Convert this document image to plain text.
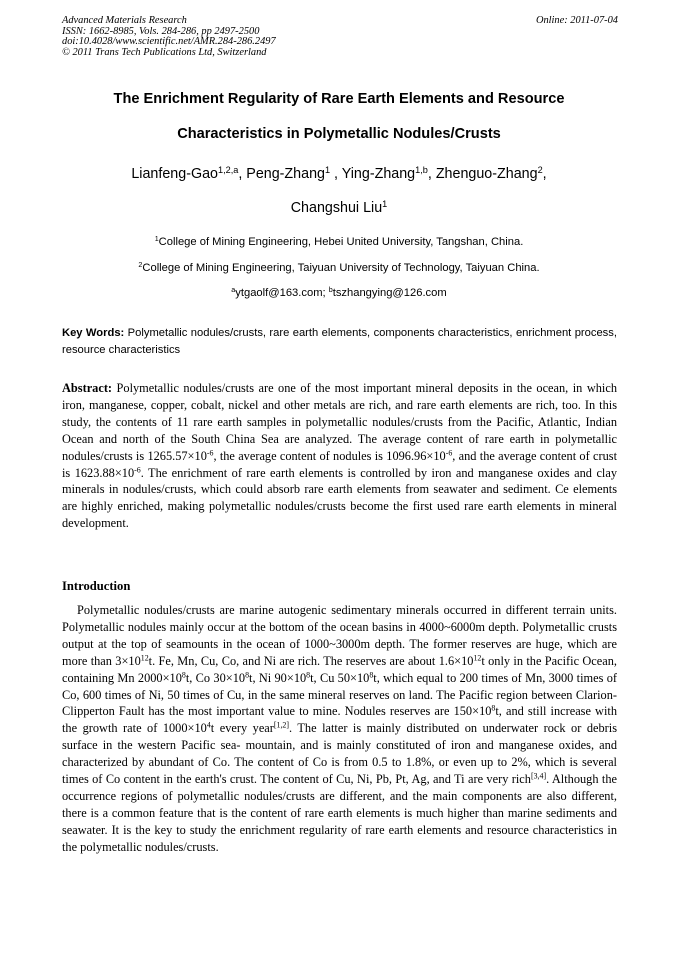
Advanced Materials Research	Online: 2011-07-04
ISSN: 1662-8985, Vols. 284-286, pp 2497-2500
doi:10.4028/www.scientific.net/AMR.284-286.2497
© 2011 Trans Tech Publications Ltd, Switzerland
The Enrichment Regularity of Rare Earth Elements and Resource
Characteristics in Polymetallic Nodules/Crusts
Lianfeng-Gao$^{1,2,a}$, Peng-Zhang$^1$ , Ying-Zhang$^{1,b}$, Zhenguo-Zhang$^2$,
Changshui Liu$^1$
$^1$College of Mining Engineering, Hebei United University, Tangshan, China.
$^2$College of Mining Engineering, Taiyuan University of Technology, Taiyuan China.
$^a$ytgaolf@163.com; $^b$tszhangying@126.com
Key Words: Polymetallic nodules/crusts, rare earth elements, components characteristics, enrichment process, resource characteristics
Abstract: Polymetallic nodules/crusts are one of the most important mineral deposits in the ocean, in which iron, manganese, copper, cobalt, nickel and other metals are rich, and rare earth elements are rich, too. In this study, the contents of 11 rare earth samples in polymetallic nodules/crusts from the Pacific, Atlantic, Indian Ocean and north of the South China Sea are analyzed. The average content of rare earth in polymetallic nodules/crusts is $1265.57\times 10^{-6}$, the average content of nodules is $1096.96\times 10^{-6}$, and the average content of crust is $1623.88\times 10^{-6}$. The enrichment of rare earth elements is controlled by iron and manganese oxides and clay minerals in nodules/crusts, which could absorb rare earth elements from seawater and sediment. Ce elements are highly enriched, making polymetallic nodules/crusts become the first used rare earth elements in mineral development.
Introduction
Polymetallic nodules/crusts are marine autogenic sedimentary minerals occurred in different terrain units. Polymetallic nodules mainly occur at the bottom of the ocean basins in 4000~6000m depth. Polymetallic crusts output at the top of seamounts in the ocean of 1000~3000m depth. The former reserves are huge, which are more than $3\times 10^{12}t$. Fe, Mn, Cu, Co, and Ni are rich. The reserves are about $1.6\times 10^{12}t$ only in the Pacific Ocean, containing Mn $2000\times 10^8t$, Co $30\times 10^8t$, Ni $90\times 10^8t$, Cu $50\times 10^8t$, which equal to 200 times of Mn, 3000 times of Co, 600 times of Ni, 50 times of Cu, in the same mineral reserves on land. The Pacific region between Clarion-Clipperton Fault has the most important value to mine. Nodules reserves are $150\times 10^8t$, and still increase with the growth rate of $1000\times 10^4t$ every year[1,2]. The latter is mainly distributed on underwater rock or debris surface in the western Pacific sea- mountain, and is mainly constituted of iron and manganese oxides, and characterized by abundant of Co. The content of Co is from 0.5 to 1.8%, or even up to 2%, which is several times of Co content in the earth's crust. The content of Cu, Ni, Pb, Pt, Ag, and Ti are very rich[3,4]. Although the occurrence regions of polymetallic nodules/crusts are different, and the main components are also different, there is a common feature that is the content of rare earth elements is much higher than marine sediments and seawater. It is the key to study the enrichment regularity of rare earth elements and resource characteristics in the polymetallic nodules/crusts.
